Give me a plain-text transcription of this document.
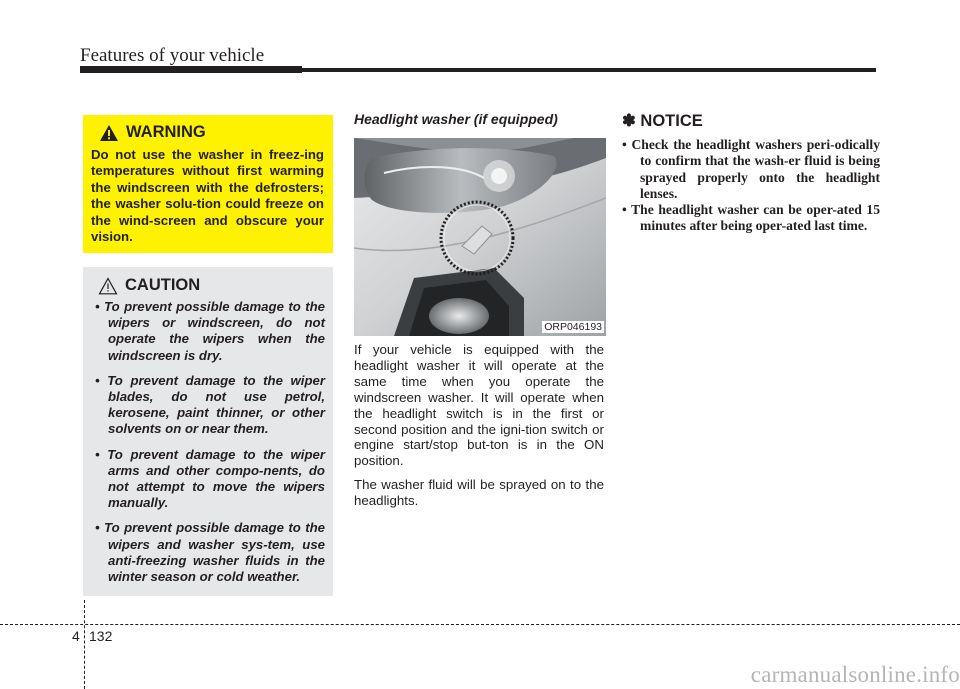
Features of your vehicle
WARNING
Do not use the washer in freez-ing temperatures without first warming the windscreen with the defrosters; the washer solu-tion could freeze on the wind-screen and obscure your vision.
CAUTION
• To prevent possible damage to the wipers or windscreen, do not operate the wipers when the windscreen is dry.
• To prevent damage to the wiper blades, do not use petrol, kerosene, paint thinner, or other solvents on or near them.
• To prevent damage to the wiper arms and other compo-nents, do not attempt to move the wipers manually.
• To prevent possible damage to the wipers and washer sys-tem, use anti-freezing washer fluids in the winter season or cold weather.
Headlight washer (if equipped)
ORP046193

If your vehicle is equipped with the headlight washer it will operate at the same time when you operate the windscreen washer. It will operate when the headlight switch is in the first or second position and the igni-tion switch or engine start/stop but-ton is in the ON position.

The washer fluid will be sprayed on to the headlights.

✽ NOTICE
• Check the headlight washers peri-odically to confirm that the wash-er fluid is being sprayed properly onto the headlight lenses.
• The headlight washer can be oper-ated 15 minutes after being oper-ated last time.
4 132
carmanualsonline.info
